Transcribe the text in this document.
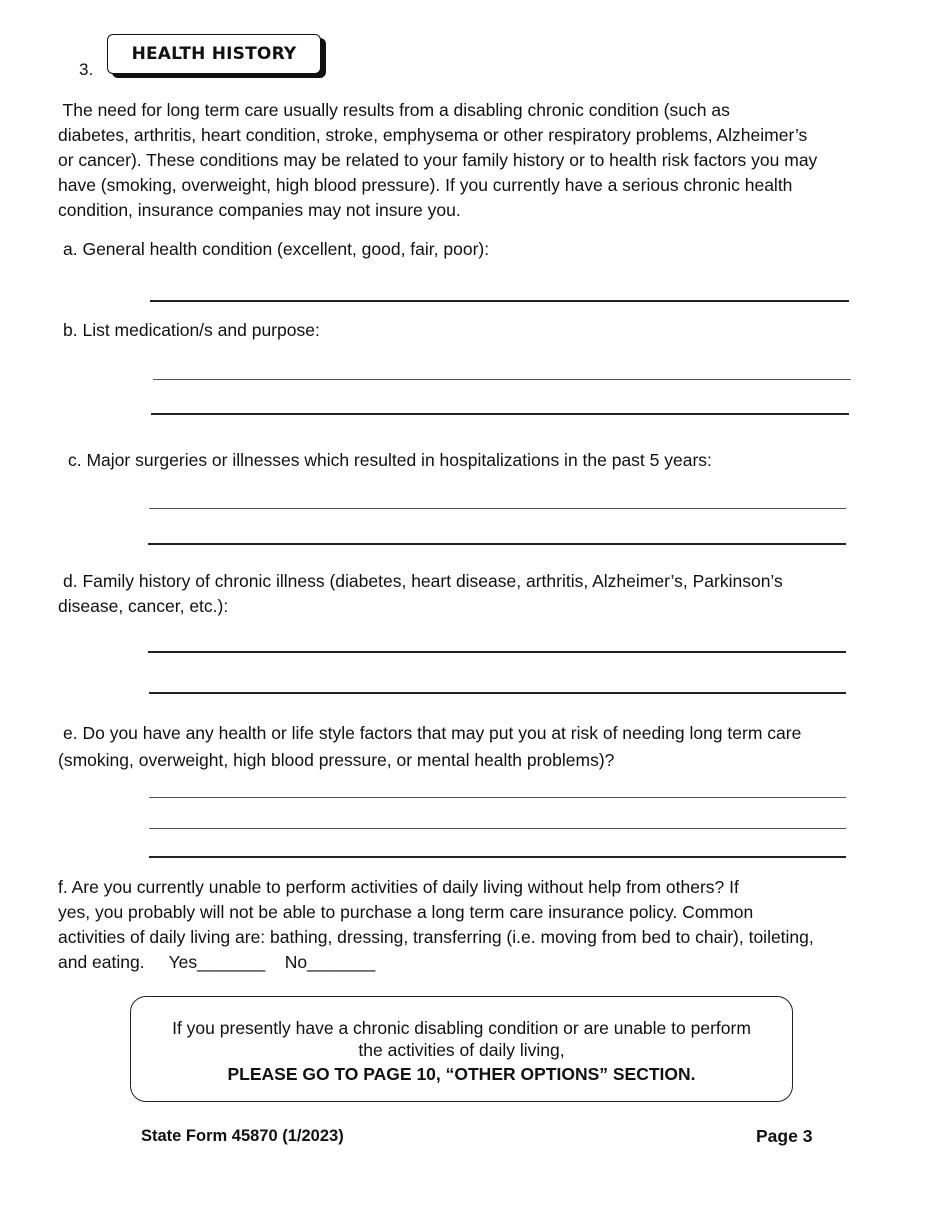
3.
HEALTH HISTORY
The need for long term care usually results from a disabling chronic condition (such as
diabetes, arthritis, heart condition, stroke, emphysema or other respiratory problems, Alzheimer’s
or cancer). These conditions may be related to your family history or to health risk factors you may
have (smoking, overweight, high blood pressure). If you currently have a serious chronic health
condition, insurance companies may not insure you.
a. General health condition (excellent, good, fair, poor):
b. List medication/s and purpose:
c. Major surgeries or illnesses which resulted in hospitalizations in the past 5 years:
d. Family history of chronic illness (diabetes, heart disease, arthritis, Alzheimer’s, Parkinson’s
disease, cancer, etc.):
e. Do you have any health or life style factors that may put you at risk of needing long term care
(smoking, overweight, high blood pressure, or mental health problems)?
f. Are you currently unable to perform activities of daily living without help from others? If
yes, you probably will not be able to purchase a long term care insurance policy. Common
activities of daily living are: bathing, dressing, transferring (i.e. moving from bed to chair), toileting,
and eating.     Yes_______    No_______
If you presently have a chronic disabling condition or are unable to perform
the activities of daily living,
PLEASE GO TO PAGE 10, “OTHER OPTIONS” SECTION.
State Form 45870 (1/2023)	Page 3
